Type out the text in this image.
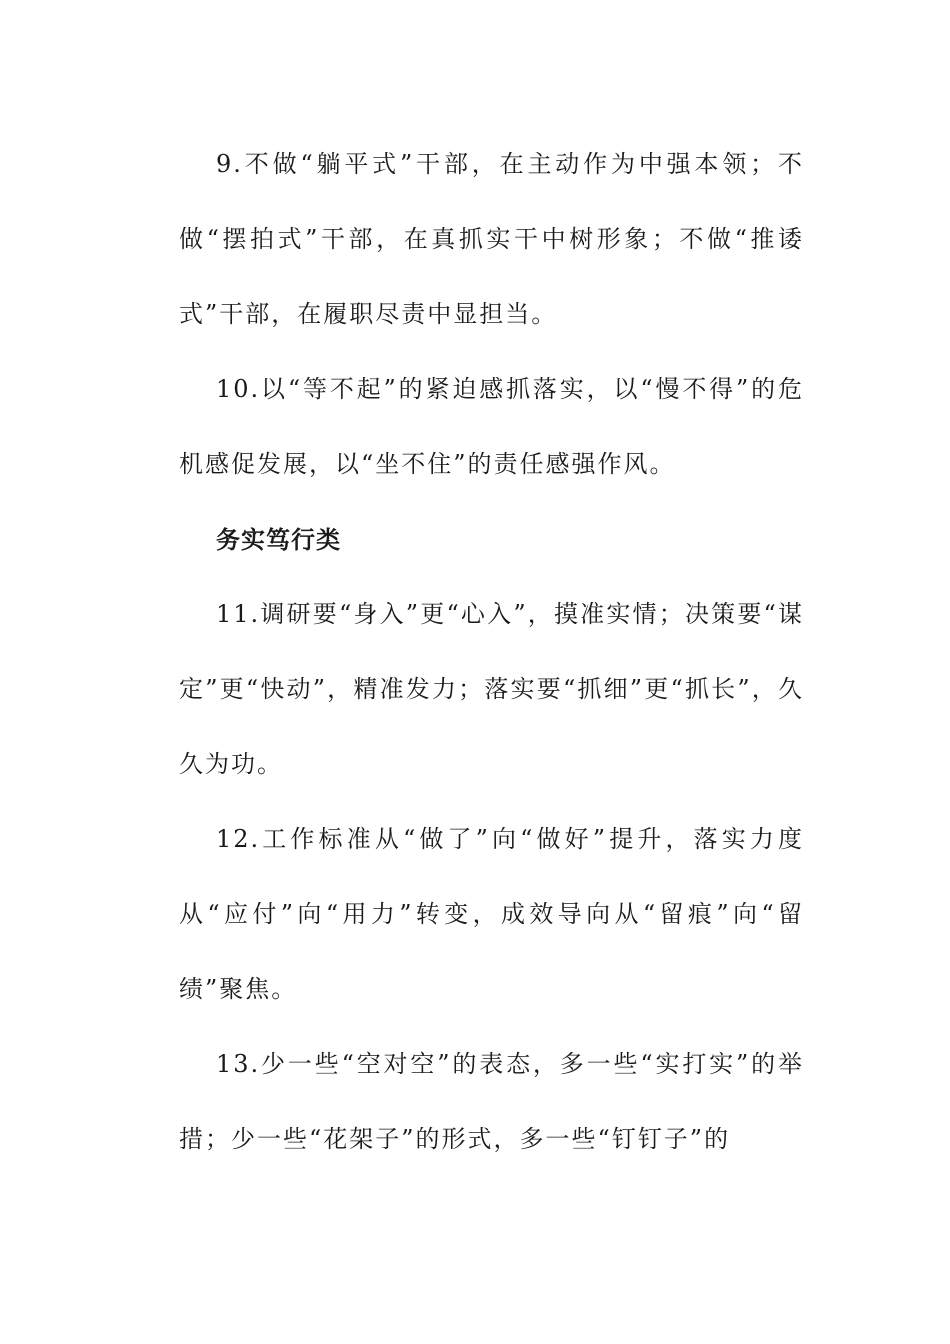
9.不做“躺平式”干部，在主动作为中强本领；不做“摆拍式”干部，在真抓实干中树形象；不做“推诿式”干部，在履职尽责中显担当。

10.以“等不起”的紧迫感抓落实，以“慢不得”的危机感促发展，以“坐不住”的责任感强作风。

务实笃行类

11.调研要“身入”更“心入”，摸准实情；决策要“谋定”更“快动”，精准发力；落实要“抓细”更“抓长”，久久为功。

12.工作标准从“做了”向“做好”提升，落实力度从“应付”向“用力”转变，成效导向从“留痕”向“留绩”聚焦。

13.少一些“空对空”的表态，多一些“实打实”的举措；少一些“花架子”的形式，多一些“钉钉子”的
